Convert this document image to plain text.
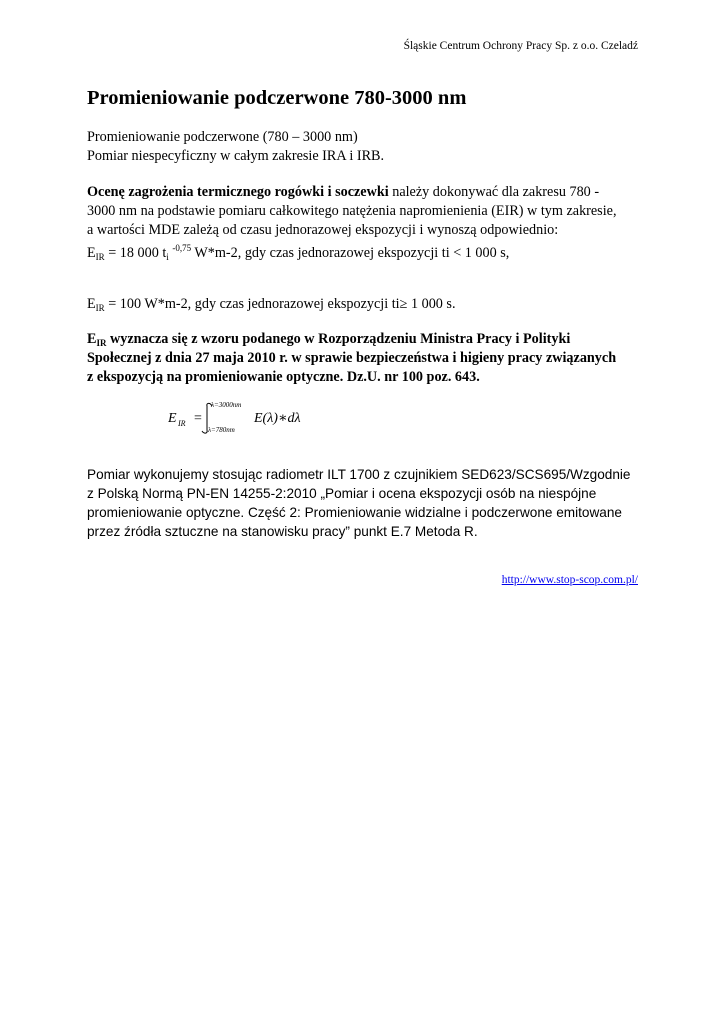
Śląskie Centrum Ochrony Pracy Sp. z o.o. Czeladź
Promieniowanie podczerwone 780-3000 nm

Promieniowanie podczerwone (780 – 3000 nm)
Pomiar niespecyficzny w całym zakresie IRA i IRB.

Ocenę zagrożenia termicznego rogówki i soczewki należy dokonywać dla zakresu 780 -
3000 nm na podstawie pomiaru całkowitego natężenia napromienienia (EIR) w tym zakresie,
a wartości MDE zależą od czasu jednorazowej ekspozycji i wynoszą odpowiednio:

$E_{IR} = 18$ 000 $t_i$ $^{-0,75}$ W*m-2, gdy czas jednorazowej ekspozycji ti < 1 000 s,

$E_{IR} = 100$ W*m-2, gdy czas jednorazowej ekspozycji ti≥ 1 000 s.

$E_{IR}$ wyznacza się z wzoru podanego w Rozporządzeniu Ministra Pracy i Polityki
Społecznej z dnia 27 maja 2010 r. w sprawie bezpieczeństwa i higieny pracy związanych
z ekspozycją na promieniowanie optyczne. Dz.U. nr 100 poz. 643.

E IR =
λ=3000nm
λ=780nm
E(λ)∗dλ

Pomiar wykonujemy stosując radiometr ILT 1700 z czujnikiem SED623/SCS695/Wzgodnie
z Polską Normą PN-EN 14255-2:2010 „Pomiar i ocena ekspozycji osób na niespójne
promieniowanie optyczne. Część 2: Promieniowanie widzialne i podczerwone emitowane
przez źródła sztuczne na stanowisku pracy” punkt E.7 Metoda R.

http://www.stop-scop.com.pl/
